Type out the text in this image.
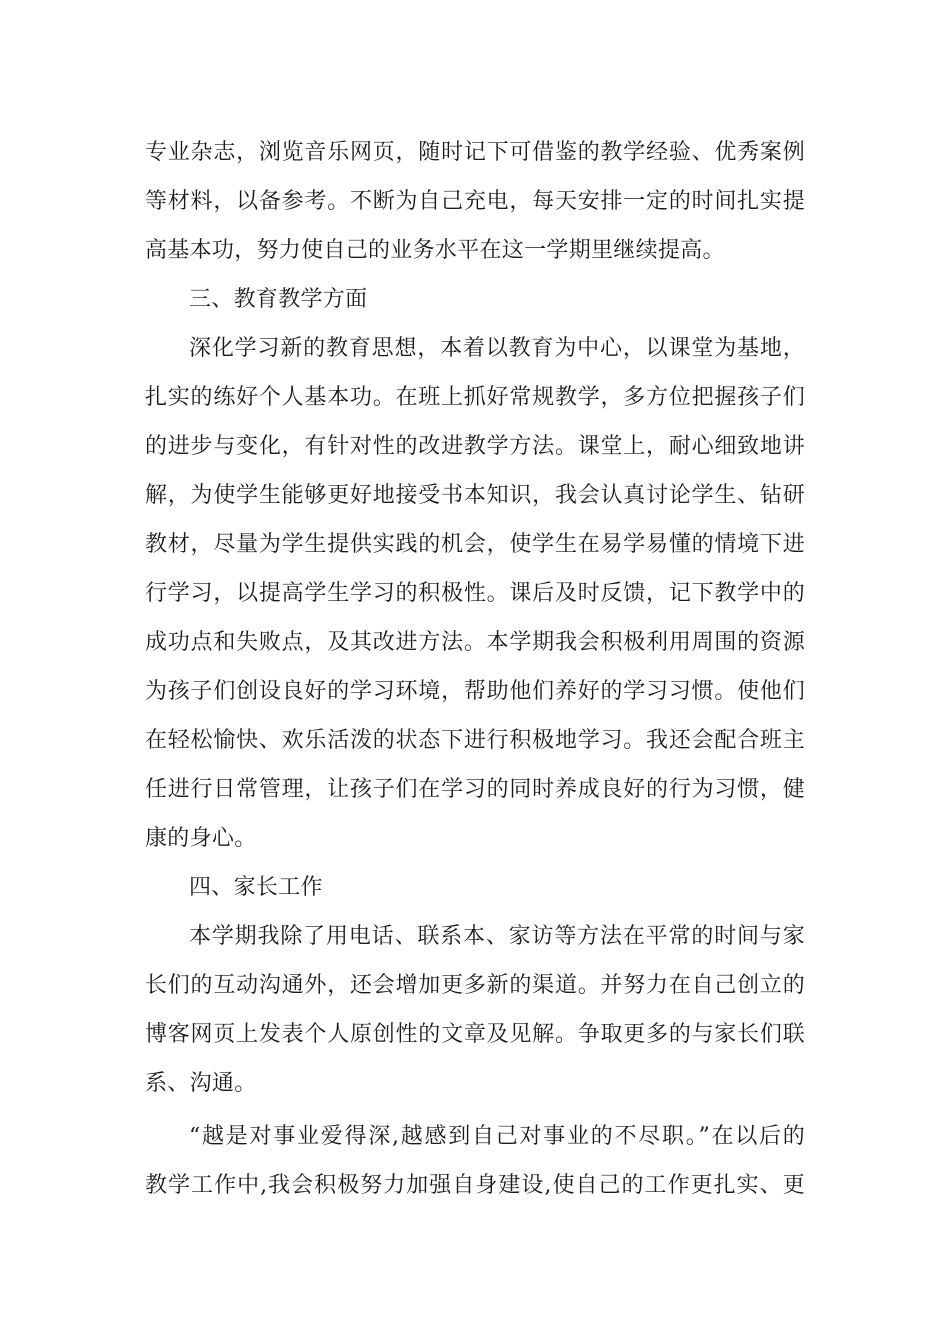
专业杂志，浏览音乐网页，随时记下可借鉴的教学经验、优秀案例
等材料，以备参考。不断为自己充电，每天安排一定的时间扎实提
高基本功，努力使自己的业务水平在这一学期里继续提高。
三、教育教学方面
深化学习新的教育思想，本着以教育为中心，以课堂为基地，
扎实的练好个人基本功。在班上抓好常规教学，多方位把握孩子们
的进步与变化，有针对性的改进教学方法。课堂上，耐心细致地讲
解，为使学生能够更好地接受书本知识，我会认真讨论学生、钻研
教材，尽量为学生提供实践的机会，使学生在易学易懂的情境下进
行学习，以提高学生学习的积极性。课后及时反馈，记下教学中的
成功点和失败点，及其改进方法。本学期我会积极利用周围的资源
为孩子们创设良好的学习环境，帮助他们养好的学习习惯。使他们
在轻松愉快、欢乐活泼的状态下进行积极地学习。我还会配合班主
任进行日常管理，让孩子们在学习的同时养成良好的行为习惯，健
康的身心。
四、家长工作
本学期我除了用电话、联系本、家访等方法在平常的时间与家
长们的互动沟通外，还会增加更多新的渠道。并努力在自己创立的
博客网页上发表个人原创性的文章及见解。争取更多的与家长们联
系、沟通。
“越是对事业爱得深,越感到自己对事业的不尽职。”在以后的
教学工作中,我会积极努力加强自身建设,使自己的工作更扎实、更
